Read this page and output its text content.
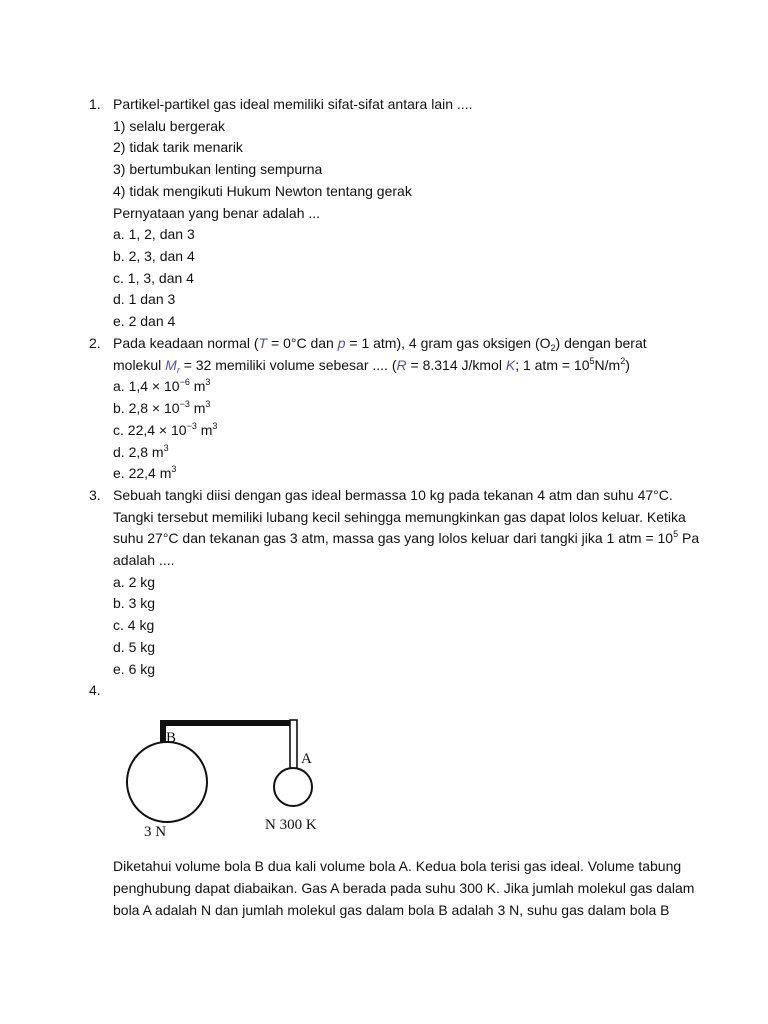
1. Partikel-partikel gas ideal memiliki sifat-sifat antara lain ....
1) selalu bergerak
2) tidak tarik menarik
3) bertumbukan lenting sempurna
4) tidak mengikuti Hukum Newton tentang gerak
Pernyataan yang benar adalah ...
a. 1, 2, dan 3
b. 2, 3, dan 4
c. 1, 3, dan 4
d. 1 dan 3
e. 2 dan 4
2. Pada keadaan normal (T = 0°C dan p = 1 atm), 4 gram gas oksigen $(O_2)$ dengan berat
molekul $M_r = 32$ memiliki volume sebesar .... (R = 8.314 J/kmol K; 1 atm = $10^5N/m^2$)
a. $1,4 \times 10^{-6}$ $m^3$
b. $2,8 \times 10^{-3}$ $m^3$
c. $22,4 \times 10^{-3}$ $m^3$
d. 2,8 $m^3$
e. 22,4 $m^3$
3. Sebuah tangki diisi dengan gas ideal bermassa 10 kg pada tekanan 4 atm dan suhu 47°C.
Tangki tersebut memiliki lubang kecil sehingga memungkinkan gas dapat lolos keluar. Ketika
suhu 27°C dan tekanan gas 3 atm, massa gas yang lolos keluar dari tangki jika 1 atm = $10^5$ Pa
adalah ....
a. 2 kg
b. 3 kg
c. 4 kg
d. 5 kg
e. 6 kg
4.
B
A
3 N	N 300 K
Diketahui volume bola B dua kali volume bola A. Kedua bola terisi gas ideal. Volume tabung
penghubung dapat diabaikan. Gas A berada pada suhu 300 K. Jika jumlah molekul gas dalam
bola A adalah N dan jumlah molekul gas dalam bola B adalah 3 N, suhu gas dalam bola B
